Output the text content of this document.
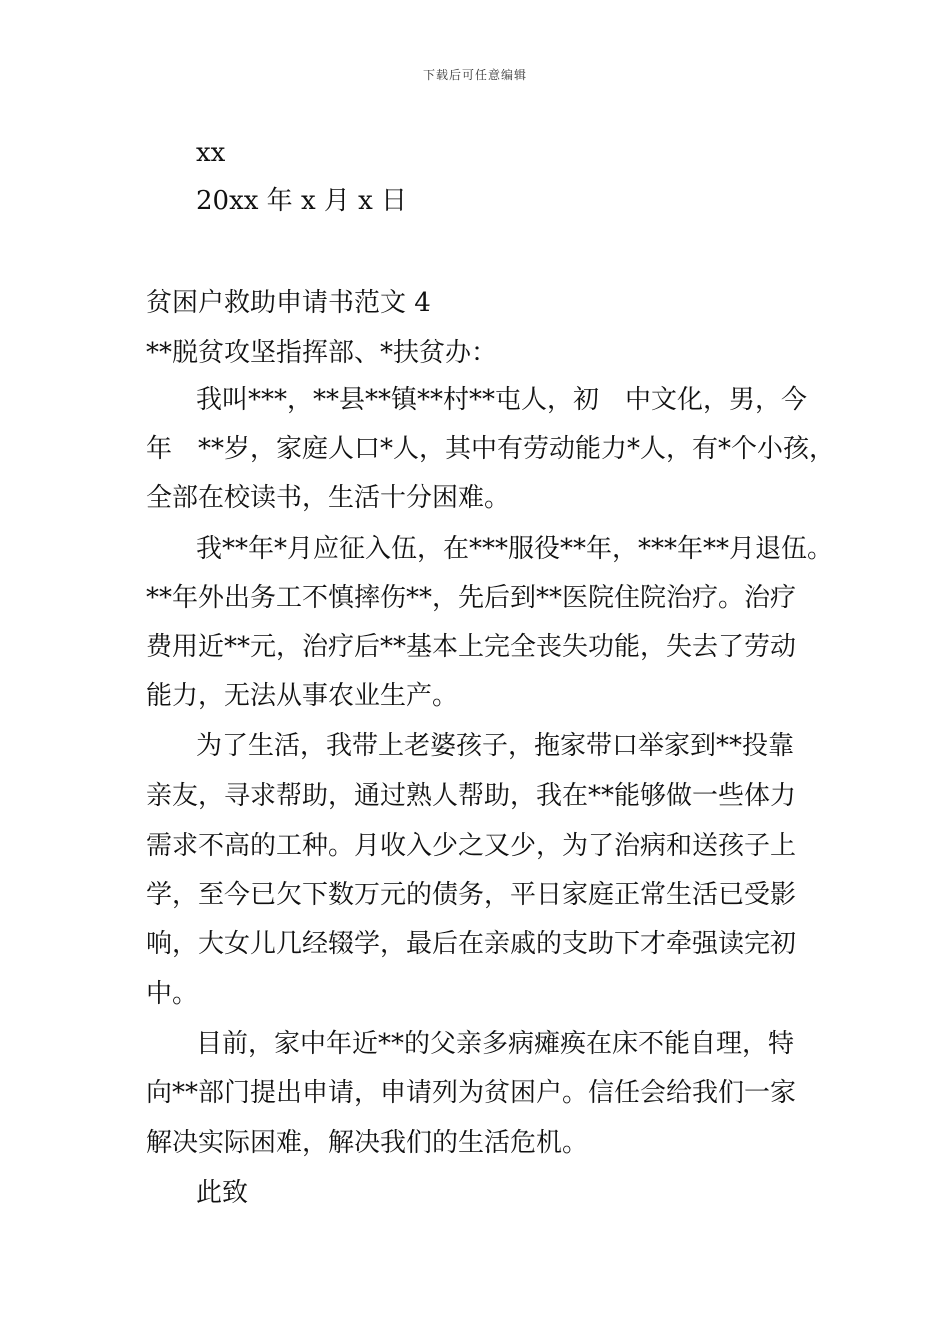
下载后可任意编辑
xx
20xx 年 x 月 x 日
贫困户救助申请书范文 4
**脱贫攻坚指挥部、*扶贫办：
我叫***，**县**镇**村**屯人，初　中文化，男，今
年　**岁，家庭人口*人，其中有劳动能力*人，有*个小孩，
全部在校读书，生活十分困难。
我**年*月应征入伍，在***服役**年，***年**月退伍。
**年外出务工不慎摔伤**，先后到**医院住院治疗。治疗
费用近**元，治疗后**基本上完全丧失功能，失去了劳动
能力，无法从事农业生产。
为了生活，我带上老婆孩子，拖家带口举家到**投靠
亲友，寻求帮助，通过熟人帮助，我在**能够做一些体力
需求不高的工种。月收入少之又少，为了治病和送孩子上
学，至今已欠下数万元的债务，平日家庭正常生活已受影
响，大女儿几经辍学，最后在亲戚的支助下才牵强读完初
中。
目前，家中年近**的父亲多病瘫痪在床不能自理，特
向**部门提出申请，申请列为贫困户。信任会给我们一家
解决实际困难，解决我们的生活危机。
此致
